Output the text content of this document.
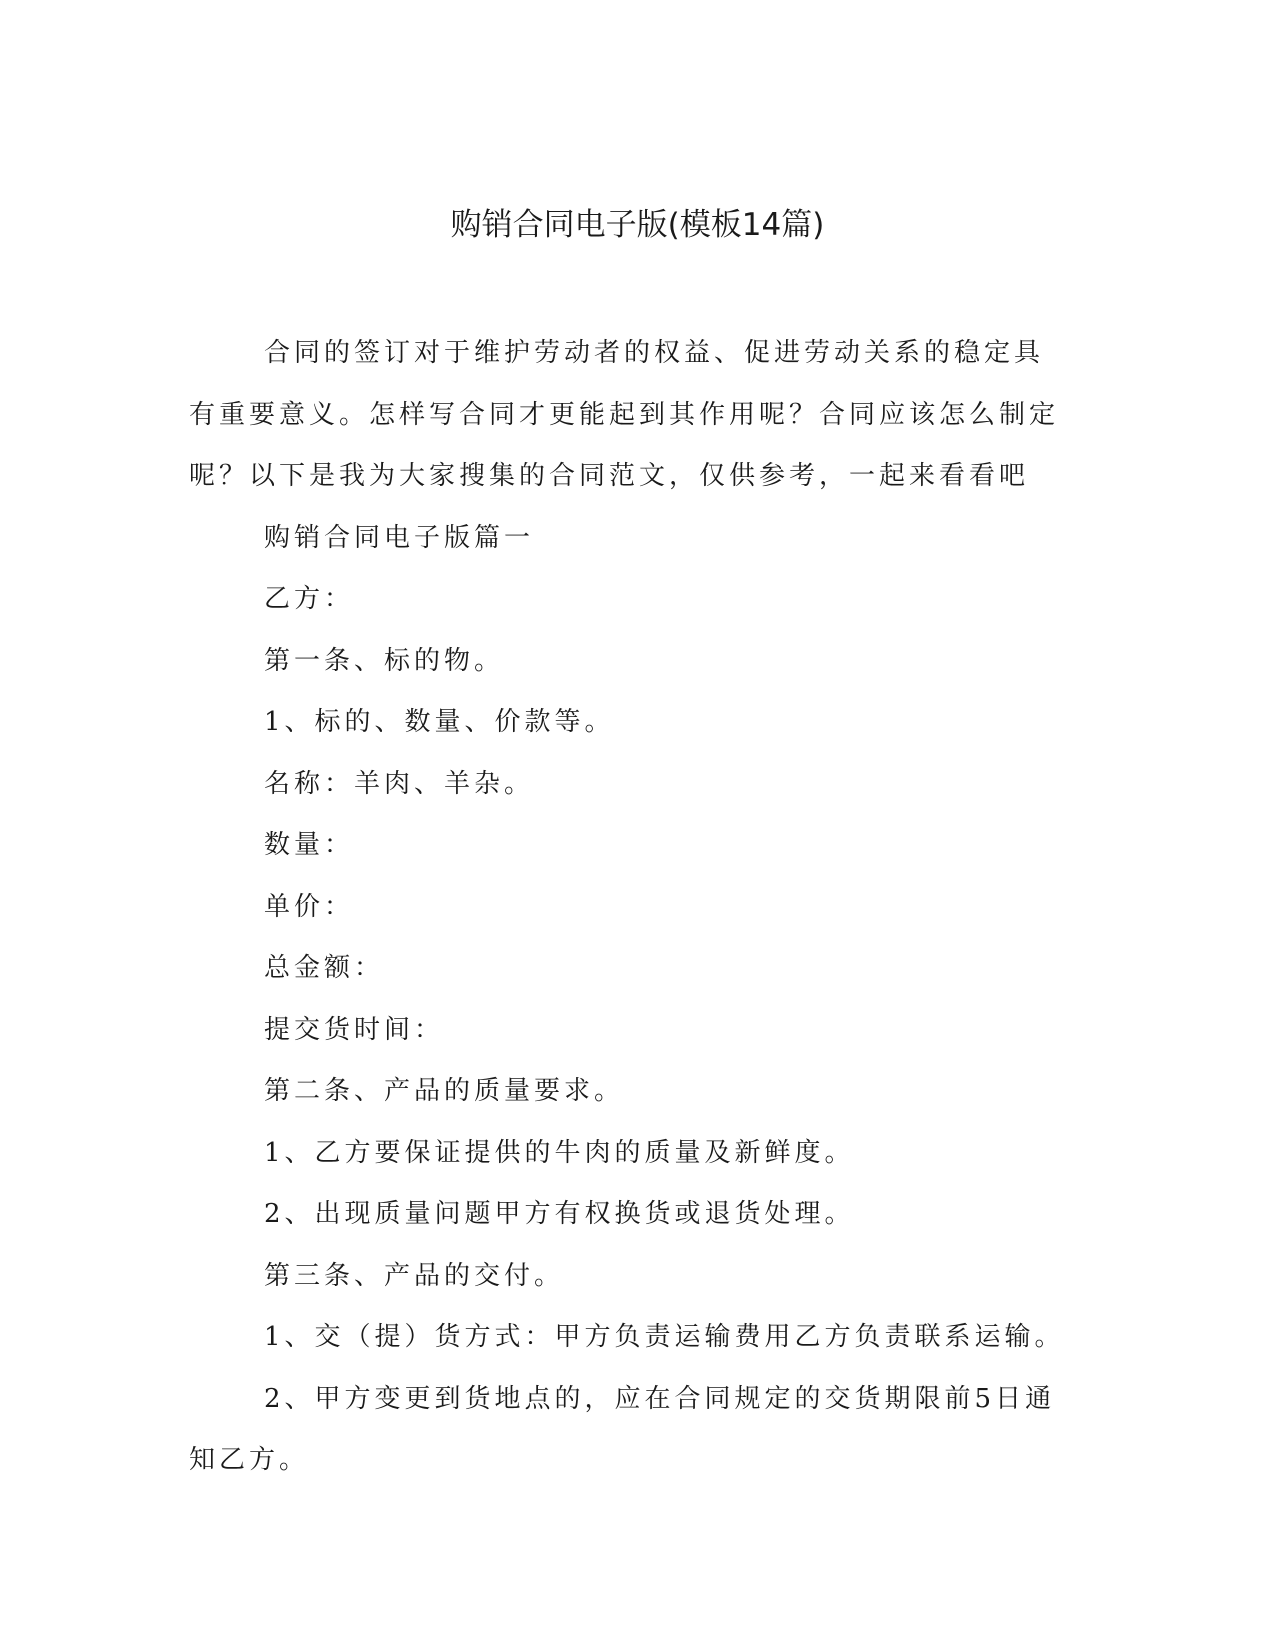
购销合同电子版(模板14篇)

合同的签订对于维护劳动者的权益、促进劳动关系的稳定具有重要意义。怎样写合同才更能起到其作用呢？合同应该怎么制定呢？以下是我为大家搜集的合同范文，仅供参考，一起来看看吧

购销合同电子版篇一

乙方：

第一条、标的物。

1、标的、数量、价款等。

名称：羊肉、羊杂。

数量：

单价：

总金额：

提交货时间：

第二条、产品的质量要求。

1、乙方要保证提供的牛肉的质量及新鲜度。

2、出现质量问题甲方有权换货或退货处理。

第三条、产品的交付。

1、交（提）货方式：甲方负责运输费用乙方负责联系运输。

2、甲方变更到货地点的，应在合同规定的交货期限前5日通知乙方。
